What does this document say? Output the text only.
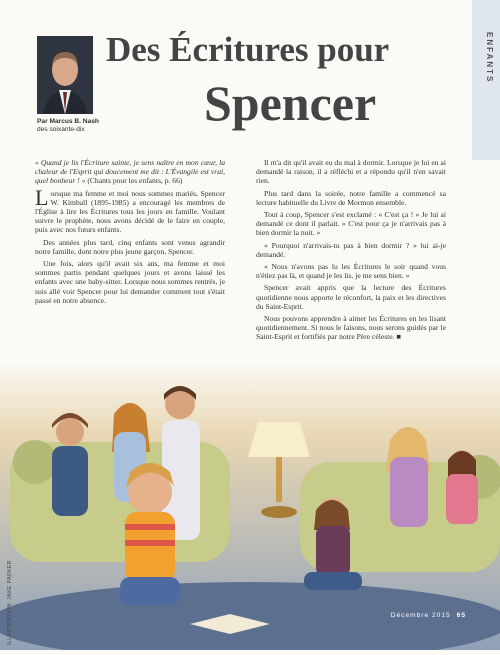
ENFANTS
Par Marcus B. Nash
des soixante-dix
Des Écritures pour
Spencer

« Quand je lis l'Écriture sainte, je sens naître en mon cœur, la chaleur de l'Esprit qui doucement me dit : L'Évangile est vrai, quel bonheur ! » (Chants pour les enfants, p. 66)

Lorsque ma femme et moi nous sommes mariés, Spencer W. Kimball (1895-1985) a encouragé les membres de l'Église à lire les Écritures tous les jours en famille. Voulant suivre le prophète, nous avons décidé de le faire en couple, puis avec nos futurs enfants.

Des années plus tard, cinq enfants sont venus agrandir notre famille, dont notre plus jeune garçon, Spencer.

Une fois, alors qu'il avait six ans, ma femme et moi sommes partis pendant quelques jours et avons laissé les enfants avec une baby-sitter. Lorsque nous sommes rentrés, je suis allé voir Spencer pour lui demander comment tout s'était passé en notre absence.

Il m'a dit qu'il avait eu du mal à dormir. Lorsque je lui en ai demandé la raison, il a réfléchi et a répondu qu'il n'en savait rien.

Plus tard dans la soirée, notre famille a commencé sa lecture habituelle du Livre de Mormon ensemble.

Tout à coup, Spencer s'est exclamé : « C'est ça ! » Je lui ai demandé ce dont il parlait. « C'est pour ça je n'arrivais pas à bien dormir la nuit. »

« Pourquoi n'arrivais-tu pas à bien dormir ? » lui ai-je demandé.

« Nous n'avons pas lu les Écritures le soir quand vous n'étiez pas là, et quand je les lis, je me sens bien. »

Spencer avait appris que la lecture des Écritures quotidienne nous apporte le réconfort, la paix et les directives du Saint-Esprit.

Nous pouvons apprendre à aimer les Écritures en les lisant quotidiennement. Si nous le faisons, nous serons guidés par le Saint-Esprit et fortifiés par notre Père céleste. ■

ILLUSTRATION: JAKE PARKER	Décembre 2015 65
